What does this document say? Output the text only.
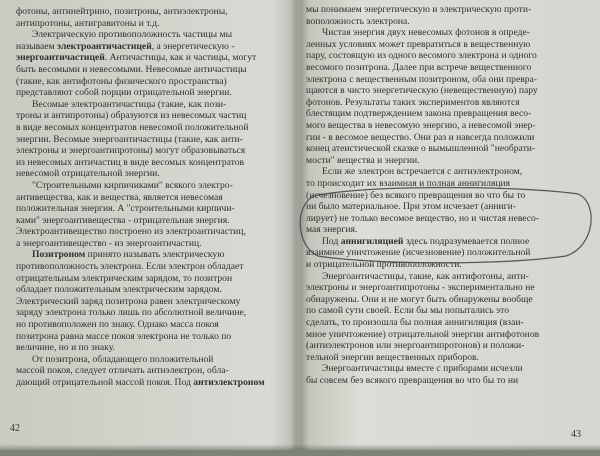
фотоны, антинейтрино, позитроны, антиэлектроны,
антипротоны, антигравитоны и т.д.
Электрическую противоположность частицы мы
называем электроантичастицей, а энергетическую -
энергоантичастицей. Античастицы, как и частицы, могут
быть весомыми и невесомыми. Невесомые античастицы
(такие, как антифотоны физического пространства)
представляют собой порции отрицательной энергии.
Весомые электроантичастицы (такие, как пози-
троны и антипротоны) образуются из невесомых частиц
в виде весомых концентратов невесомой положительной
энергии. Весомые энергоантичастицы (такие, как анти-
электроны и энергоантипротоны) могут образовываться
из невесомых античастиц в виде весомых концентратов
невесомой отрицательной энергии.
"Строительными кирпичиками" всякого электро-
антивещества, как и вещества, является невесомая
положительная энергия. А "строительными кирпичи-
ками" энергоантивещества - отрицательная энергия.
Электроантивещество построено из электроантичастиц,
а энергоантивещество - из энергоантичастиц.
Позитроном принято называть электрическую
противоположность электрона. Если электрон обладает
отрицательным электрическим зарядом, то позитрон
обладает положительным электрическим зарядом.
Электрический заряд позитрона равен электрическому
заряду электрона только лишь по абсолютной величине,
но противоположен по знаку. Однако масса покоя
позитрона равна массе покоя электрона не только по
величине, но и по знаку.
От позитрона, обладающего положительной
массой покоя, следует отличать антиэлектрон, обла-
дающий отрицательной массой покоя. Под антиэлектроном
42
мы понимаем энергетическую и электрическую проти-
воположность электрона.
Чистая энергия двух невесомых фотонов в опреде-
ленных условиях может превратиться в вещественную
пару, состоящую из одного весомого электрона и одного
весомого позитрона. Далее при встрече вещественного
электрона с вещественным позитроном, оба они превра-
щаются в чисто энергетическую (невещественную) пару
фотонов. Результаты таких экспериментов являются
блестящим подтверждением закона превращения весо-
мого вещества в невесомую энергию, а невесомой энер-
гии - в весомое вещество. Они раз и навсегда положили
конец атеистической сказке о вымышленной "необрати-
мости" вещества и энергии.
Если же электрон встречается с антиэлектроном,
то происходит их взаимная и полная аннигиляция
(исчезновение) без всякого превращения во что бы то
ни было материальное. При этом исчезает (анниги-
лирует) не только весомое вещество, но и чистая невесо-
мая энергия.
Под аннигиляцией здесь подразумевается полное
взаимное уничтожение (исчезновение) положительной
и отрицательной противоположности.
Энергоантичастицы, такие, как антифотоны, анти-
электроны и энергоантипротоны - экспериментально не
обнаружены. Они и не могут быть обнаружены вообще
по самой сути своей. Если бы мы попытались это
сделать, то произошла бы полная аннигиляция (взаи-
мное уничтожение) отрицательной энергии антифотонов
(антиэлектронов или энергоантипротонов) и положи-
тельной энергии вещественных приборов.
Энергоантичастицы вместе с приборами исчезли
бы совсем без всякого превращения во что бы то ни
43
